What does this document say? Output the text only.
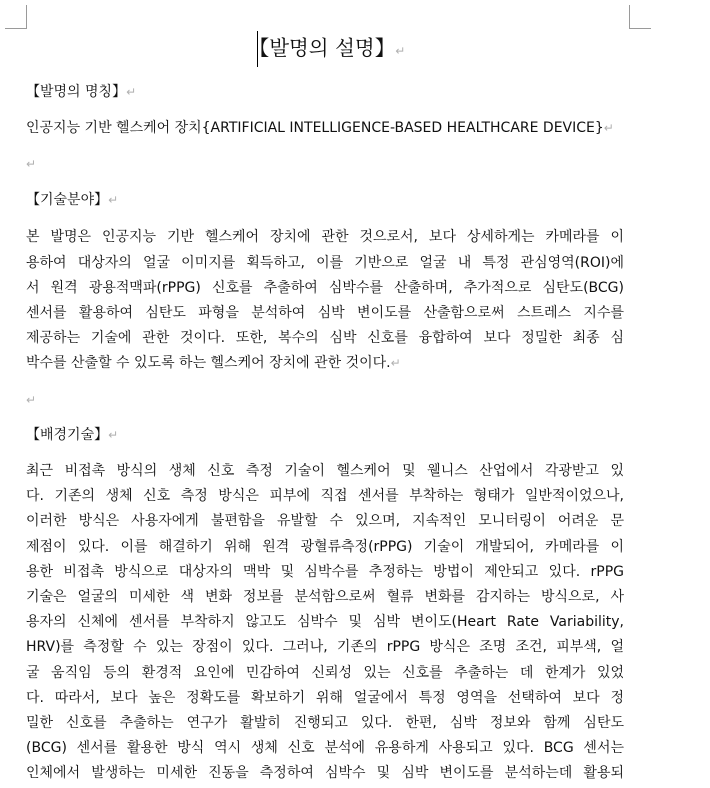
【발명의 설명】↵
【발명의 명칭】↵
인공지능 기반 헬스케어 장치{ARTIFICIAL INTELLIGENCE-BASED HEALTHCARE DEVICE}↵
↵
【기술분야】↵
본 발명은 인공지능 기반 헬스케어 장치에 관한 것으로서, 보다 상세하게는 카메라를 이
용하여 대상자의 얼굴 이미지를 획득하고, 이를 기반으로 얼굴 내 특정 관심영역(ROI)에
서 원격 광용적맥파(rPPG) 신호를 추출하여 심박수를 산출하며, 추가적으로 심탄도(BCG)
센서를 활용하여 심탄도 파형을 분석하여 심박 변이도를 산출함으로써 스트레스 지수를
제공하는 기술에 관한 것이다. 또한, 복수의 심박 신호를 융합하여 보다 정밀한 최종 심
박수를 산출할 수 있도록 하는 헬스케어 장치에 관한 것이다.↵
↵
【배경기술】↵
최근 비접촉 방식의 생체 신호 측정 기술이 헬스케어 및 웰니스 산업에서 각광받고 있
다. 기존의 생체 신호 측정 방식은 피부에 직접 센서를 부착하는 형태가 일반적이었으나,
이러한 방식은 사용자에게 불편함을 유발할 수 있으며, 지속적인 모니터링이 어려운 문
제점이 있다. 이를 해결하기 위해 원격 광혈류측정(rPPG) 기술이 개발되어, 카메라를 이
용한 비접촉 방식으로 대상자의 맥박 및 심박수를 추정하는 방법이 제안되고 있다. rPPG
기술은 얼굴의 미세한 색 변화 정보를 분석함으로써 혈류 변화를 감지하는 방식으로, 사
용자의 신체에 센서를 부착하지 않고도 심박수 및 심박 변이도(Heart Rate Variability,
HRV)를 측정할 수 있는 장점이 있다. 그러나, 기존의 rPPG 방식은 조명 조건, 피부색, 얼
굴 움직임 등의 환경적 요인에 민감하여 신뢰성 있는 신호를 추출하는 데 한계가 있었
다. 따라서, 보다 높은 정확도를 확보하기 위해 얼굴에서 특정 영역을 선택하여 보다 정
밀한 신호를 추출하는 연구가 활발히 진행되고 있다. 한편, 심박 정보와 함께 심탄도
(BCG) 센서를 활용한 방식 역시 생체 신호 분석에 유용하게 사용되고 있다. BCG 센서는
인체에서 발생하는 미세한 진동을 측정하여 심박수 및 심박 변이도를 분석하는데 활용되
